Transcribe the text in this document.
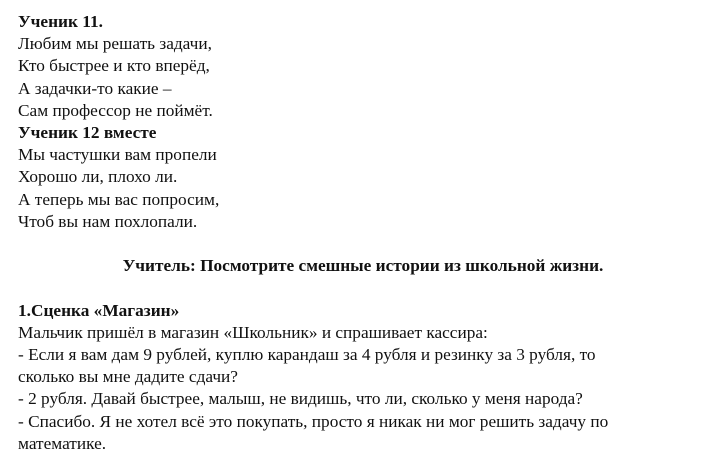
Ученик 11.
Любим мы решать задачи,
Кто быстрее и кто вперёд,
А задачки-то какие –
Сам профессор не поймёт.
Ученик 12 вместе
Мы частушки вам пропели
Хорошо ли, плохо ли.
А теперь мы вас попросим,
Чтоб вы нам похлопали.
Учитель: Посмотрите смешные истории из школьной жизни.
1.Сценка «Магазин»
Мальчик пришёл в магазин «Школьник» и спрашивает кассира:
- Если я вам дам 9 рублей, куплю карандаш за 4 рубля и резинку за 3 рубля, то
сколько вы мне дадите сдачи?
- 2 рубля. Давай быстрее, малыш, не видишь, что ли, сколько у меня народа?
- Спасибо. Я не хотел всё это покупать, просто я никак ни мог решить задачу по
математике.
